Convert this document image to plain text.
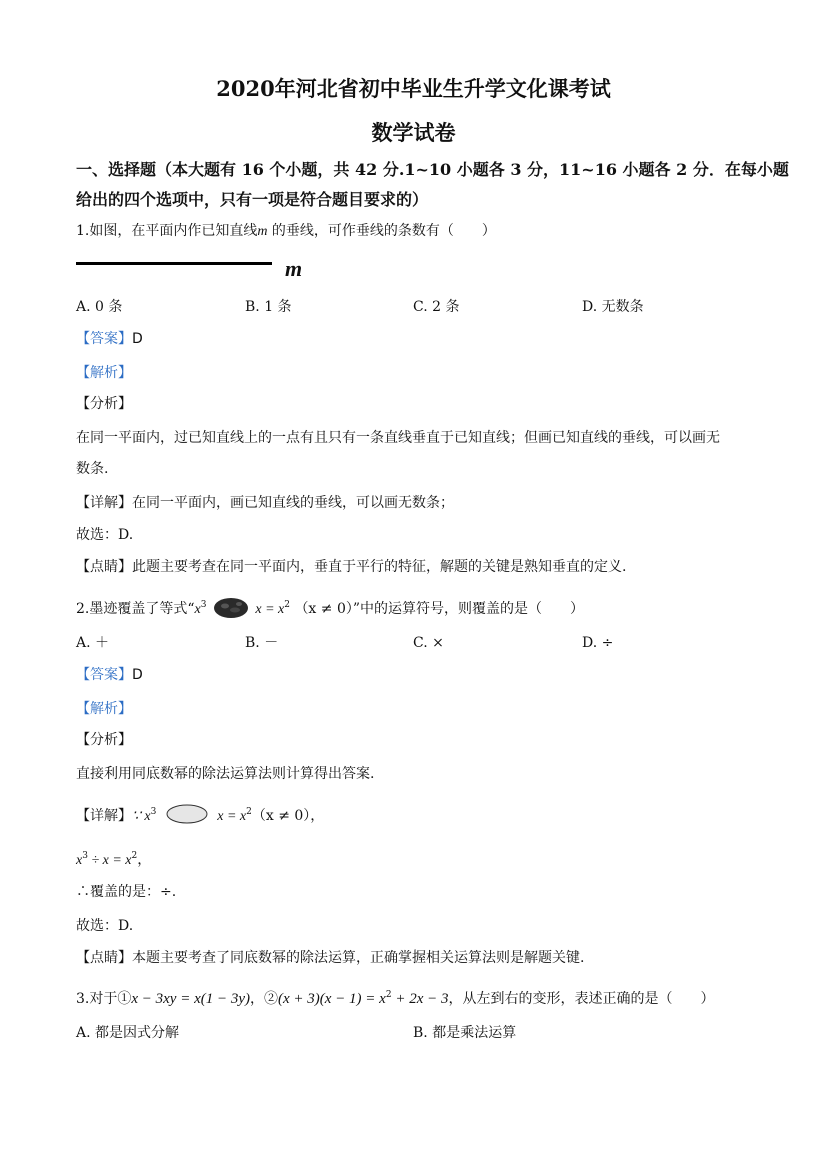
2020年河北省初中毕业生升学文化课考试
数学试卷
一、选择题（本大题有 16 个小题，共 42 分.1~10 小题各 3 分，11~16 小题各 2 分．在每小题
给出的四个选项中，只有一项是符合题目要求的）
1.如图，在平面内作已知直线m 的垂线，可作垂线的条数有（　　）
m
A. 0 条	B. 1 条	C. 2 条	D. 无数条
【答案】D
【解析】
【分析】
在同一平面内，过已知直线上的一点有且只有一条直线垂直于已知直线；但画已知直线的垂线，可以画无
数条.
【详解】在同一平面内，画已知直线的垂线，可以画无数条；
故选：D.
【点睛】此题主要考查在同一平面内，垂直于平行的特征，解题的关键是熟知垂直的定义.
2.墨迹覆盖了等式“$x^3$	$x = x^2$ （x ≠ 0）”中的运算符号，则覆盖的是（　　）
A. ＋	B. －	C. ×	D. ÷
【答案】D
【解析】
【分析】
直接利用同底数幂的除法运算法则计算得出答案.
【详解】∵ $x^3$	$x = x^2(x \ne 0)$，
$x^3 \div x = x^2$，
∴覆盖的是：÷.
故选：D.
【点睛】本题主要考查了同底数幂的除法运算，正确掌握相关运算法则是解题关键.
3.对于①x − 3xy = x(1 − 3y)，②(x + $3)(x - 1) = x^2 + 2x - 3$，从左到右的变形，表述正确的是（　　）
A. 都是因式分解	B. 都是乘法运算
